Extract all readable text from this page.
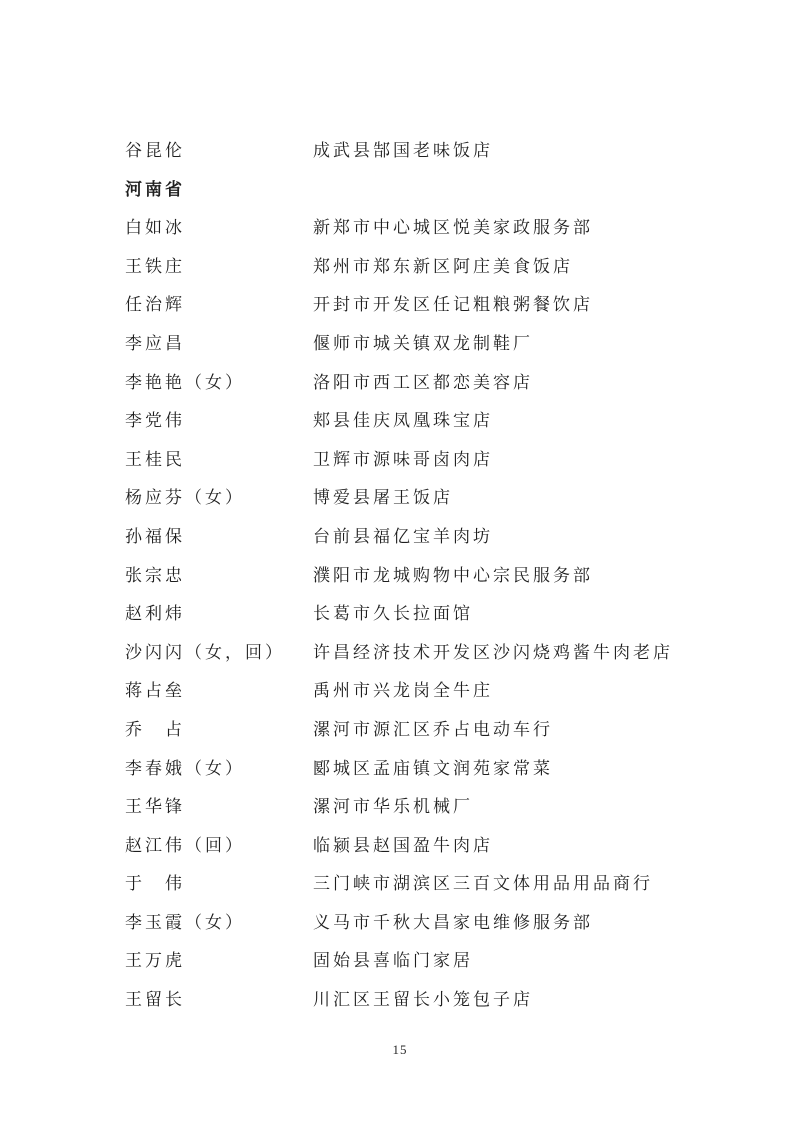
谷昆伦	成武县郜国老味饭店
河南省
白如冰	新郑市中心城区悦美家政服务部
王铁庄	郑州市郑东新区阿庄美食饭店
任治辉	开封市开发区任记粗粮粥餐饮店
李应昌	偃师市城关镇双龙制鞋厂
李艳艳（女）	洛阳市西工区都恋美容店
李党伟	郏县佳庆凤凰珠宝店
王桂民	卫辉市源味哥卤肉店
杨应芬（女）	博爱县屠王饭店
孙福保	台前县福亿宝羊肉坊
张宗忠	濮阳市龙城购物中心宗民服务部
赵利炜	长葛市久长拉面馆
沙闪闪（女，回）	许昌经济技术开发区沙闪烧鸡酱牛肉老店
蒋占垒	禹州市兴龙岗全牛庄
乔　占	漯河市源汇区乔占电动车行
李春娥（女）	郾城区孟庙镇文润苑家常菜
王华锋	漯河市华乐机械厂
赵江伟（回）	临颍县赵国盈牛肉店
于　伟	三门峡市湖滨区三百文体用品用品商行
李玉霞（女）	义马市千秋大昌家电维修服务部
王万虎	固始县喜临门家居
王留长	川汇区王留长小笼包子店
15
